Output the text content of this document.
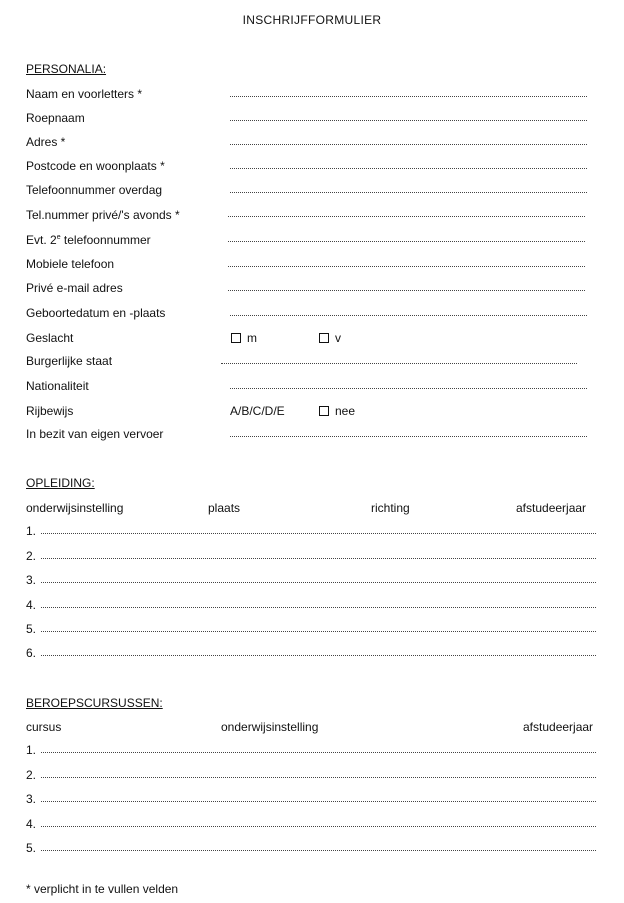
INSCHRIJFFORMULIER
PERSONALIA:
Naam en voorletters *
Roepnaam
Adres *
Postcode en woonplaats *
Telefoonnummer overdag
Tel.nummer privé/'s avonds *
Evt. 2e telefoonnummer
Mobiele telefoon
Privé e-mail adres
Geboortedatum en -plaats
Geslacht	m	v
Burgerlijke staat
Nationaliteit
Rijbewijs	A/B/C/D/E	nee
In bezit van eigen vervoer
OPLEIDING:
onderwijsinstelling	plaats	richting	afstudeerjaar
1.
2.
3.
4.
5.
6.
BEROEPSCURSUSSEN:
cursus	onderwijsinstelling	afstudeerjaar
1.
2.
3.
4.
5.
* verplicht in te vullen velden
